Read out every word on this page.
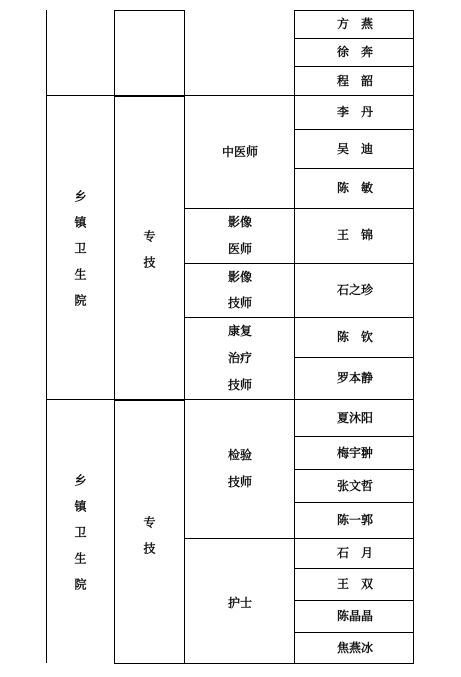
乡镇卫生院	专技
中医师
影像
医师
影像
技师
康复
治疗
技师
乡镇卫生院	专技
检验
技师
护士
方　燕
徐　奔
程　韶
李　丹
吴　迪
陈　敏
王　锦
石之珍
陈　钦
罗本静
夏沐阳
梅宇翀
张文哲
陈一郭
石　月
王　双
陈晶晶
焦燕冰
